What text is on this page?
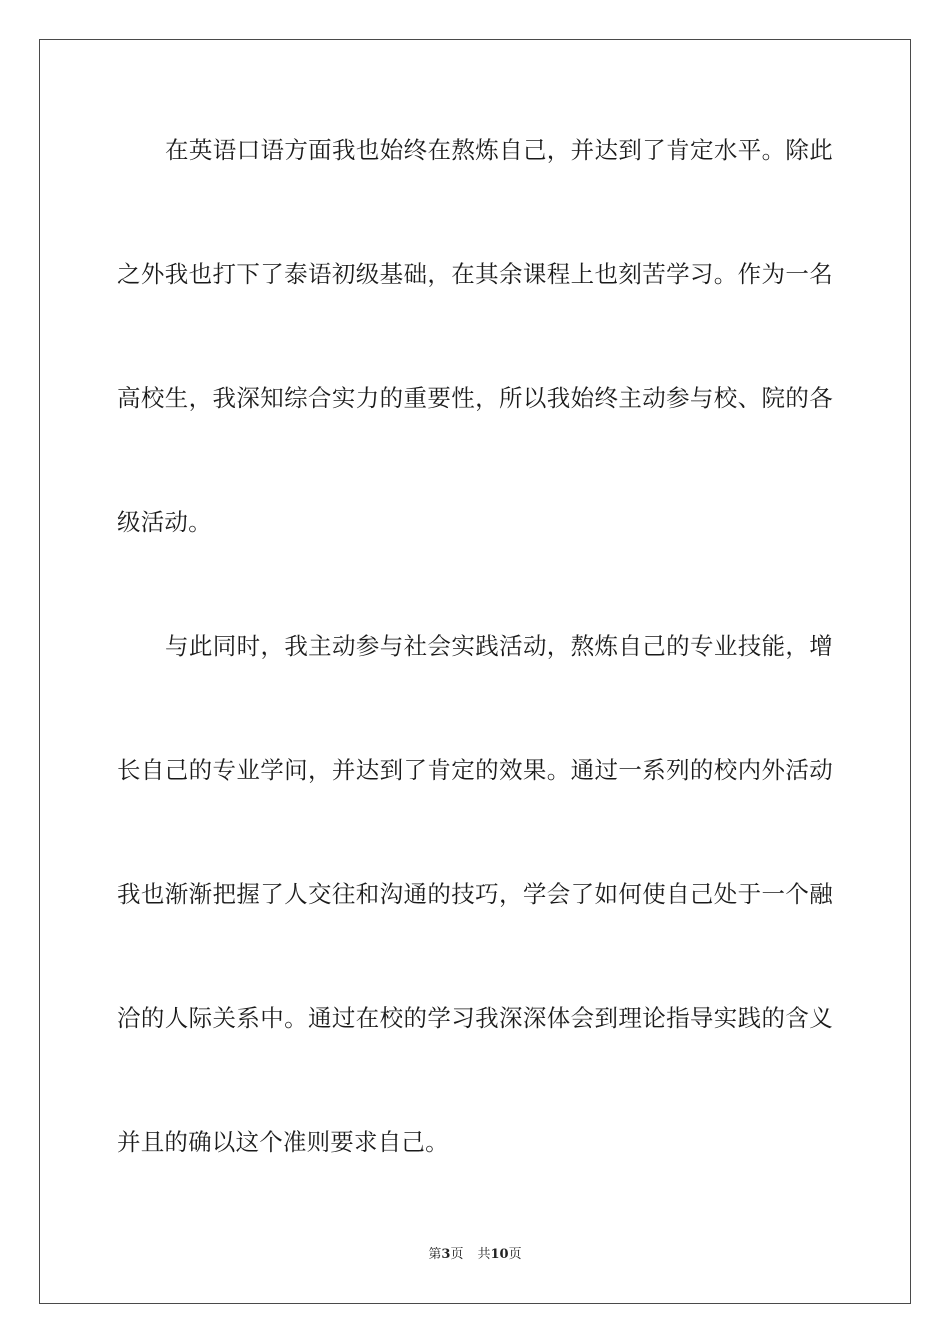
在英语口语方面我也始终在熬炼自己，并达到了肯定水平。除此
之外我也打下了泰语初级基础，在其余课程上也刻苦学习。作为一名
高校生，我深知综合实力的重要性，所以我始终主动参与校、院的各
级活动。
与此同时，我主动参与社会实践活动，熬炼自己的专业技能，增
长自己的专业学问，并达到了肯定的效果。通过一系列的校内外活动
我也渐渐把握了人交往和沟通的技巧，学会了如何使自己处于一个融
洽的人际关系中。通过在校的学习我深深体会到理论指导实践的含义
并且的确以这个准则要求自己。
第3页 共10页
